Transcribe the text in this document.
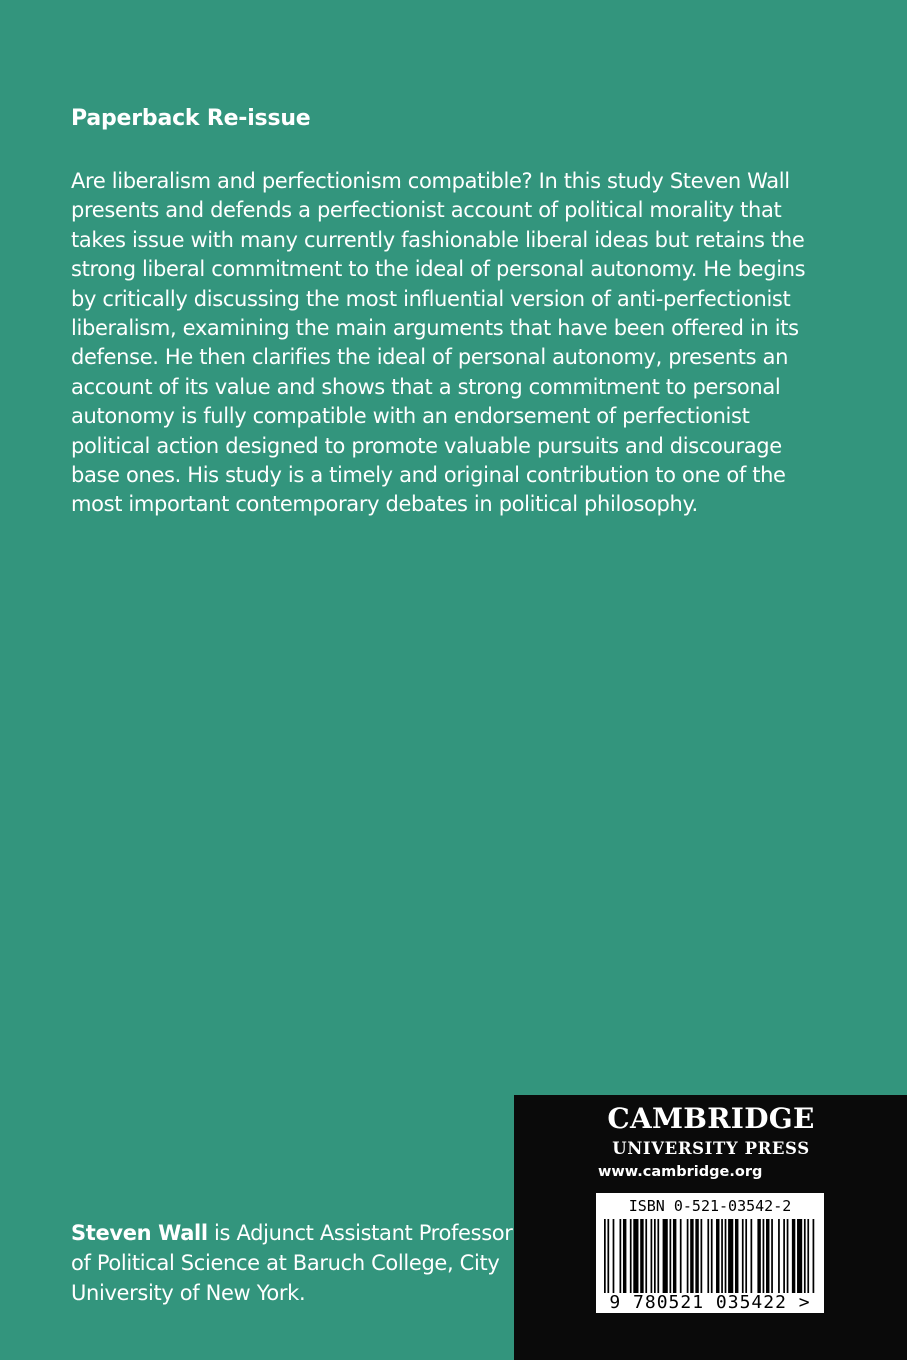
Paperback Re-issue
Are liberalism and perfectionism compatible? In this study Steven Wall
presents and defends a perfectionist account of political morality that
takes issue with many currently fashionable liberal ideas but retains the
strong liberal commitment to the ideal of personal autonomy. He begins
by critically discussing the most influential version of anti-perfectionist
liberalism, examining the main arguments that have been offered in its
defense. He then clarifies the ideal of personal autonomy, presents an
account of its value and shows that a strong commitment to personal
autonomy is fully compatible with an endorsement of perfectionist
political action designed to promote valuable pursuits and discourage
base ones. His study is a timely and original contribution to one of the
most important contemporary debates in political philosophy.
Steven Wall is Adjunct Assistant Professor
of Political Science at Baruch College, City
University of New York.
CAMBRIDGE
UNIVERSITY PRESS
www.cambridge.org
ISBN 0-521-03542-2
9 780521 035422 >
